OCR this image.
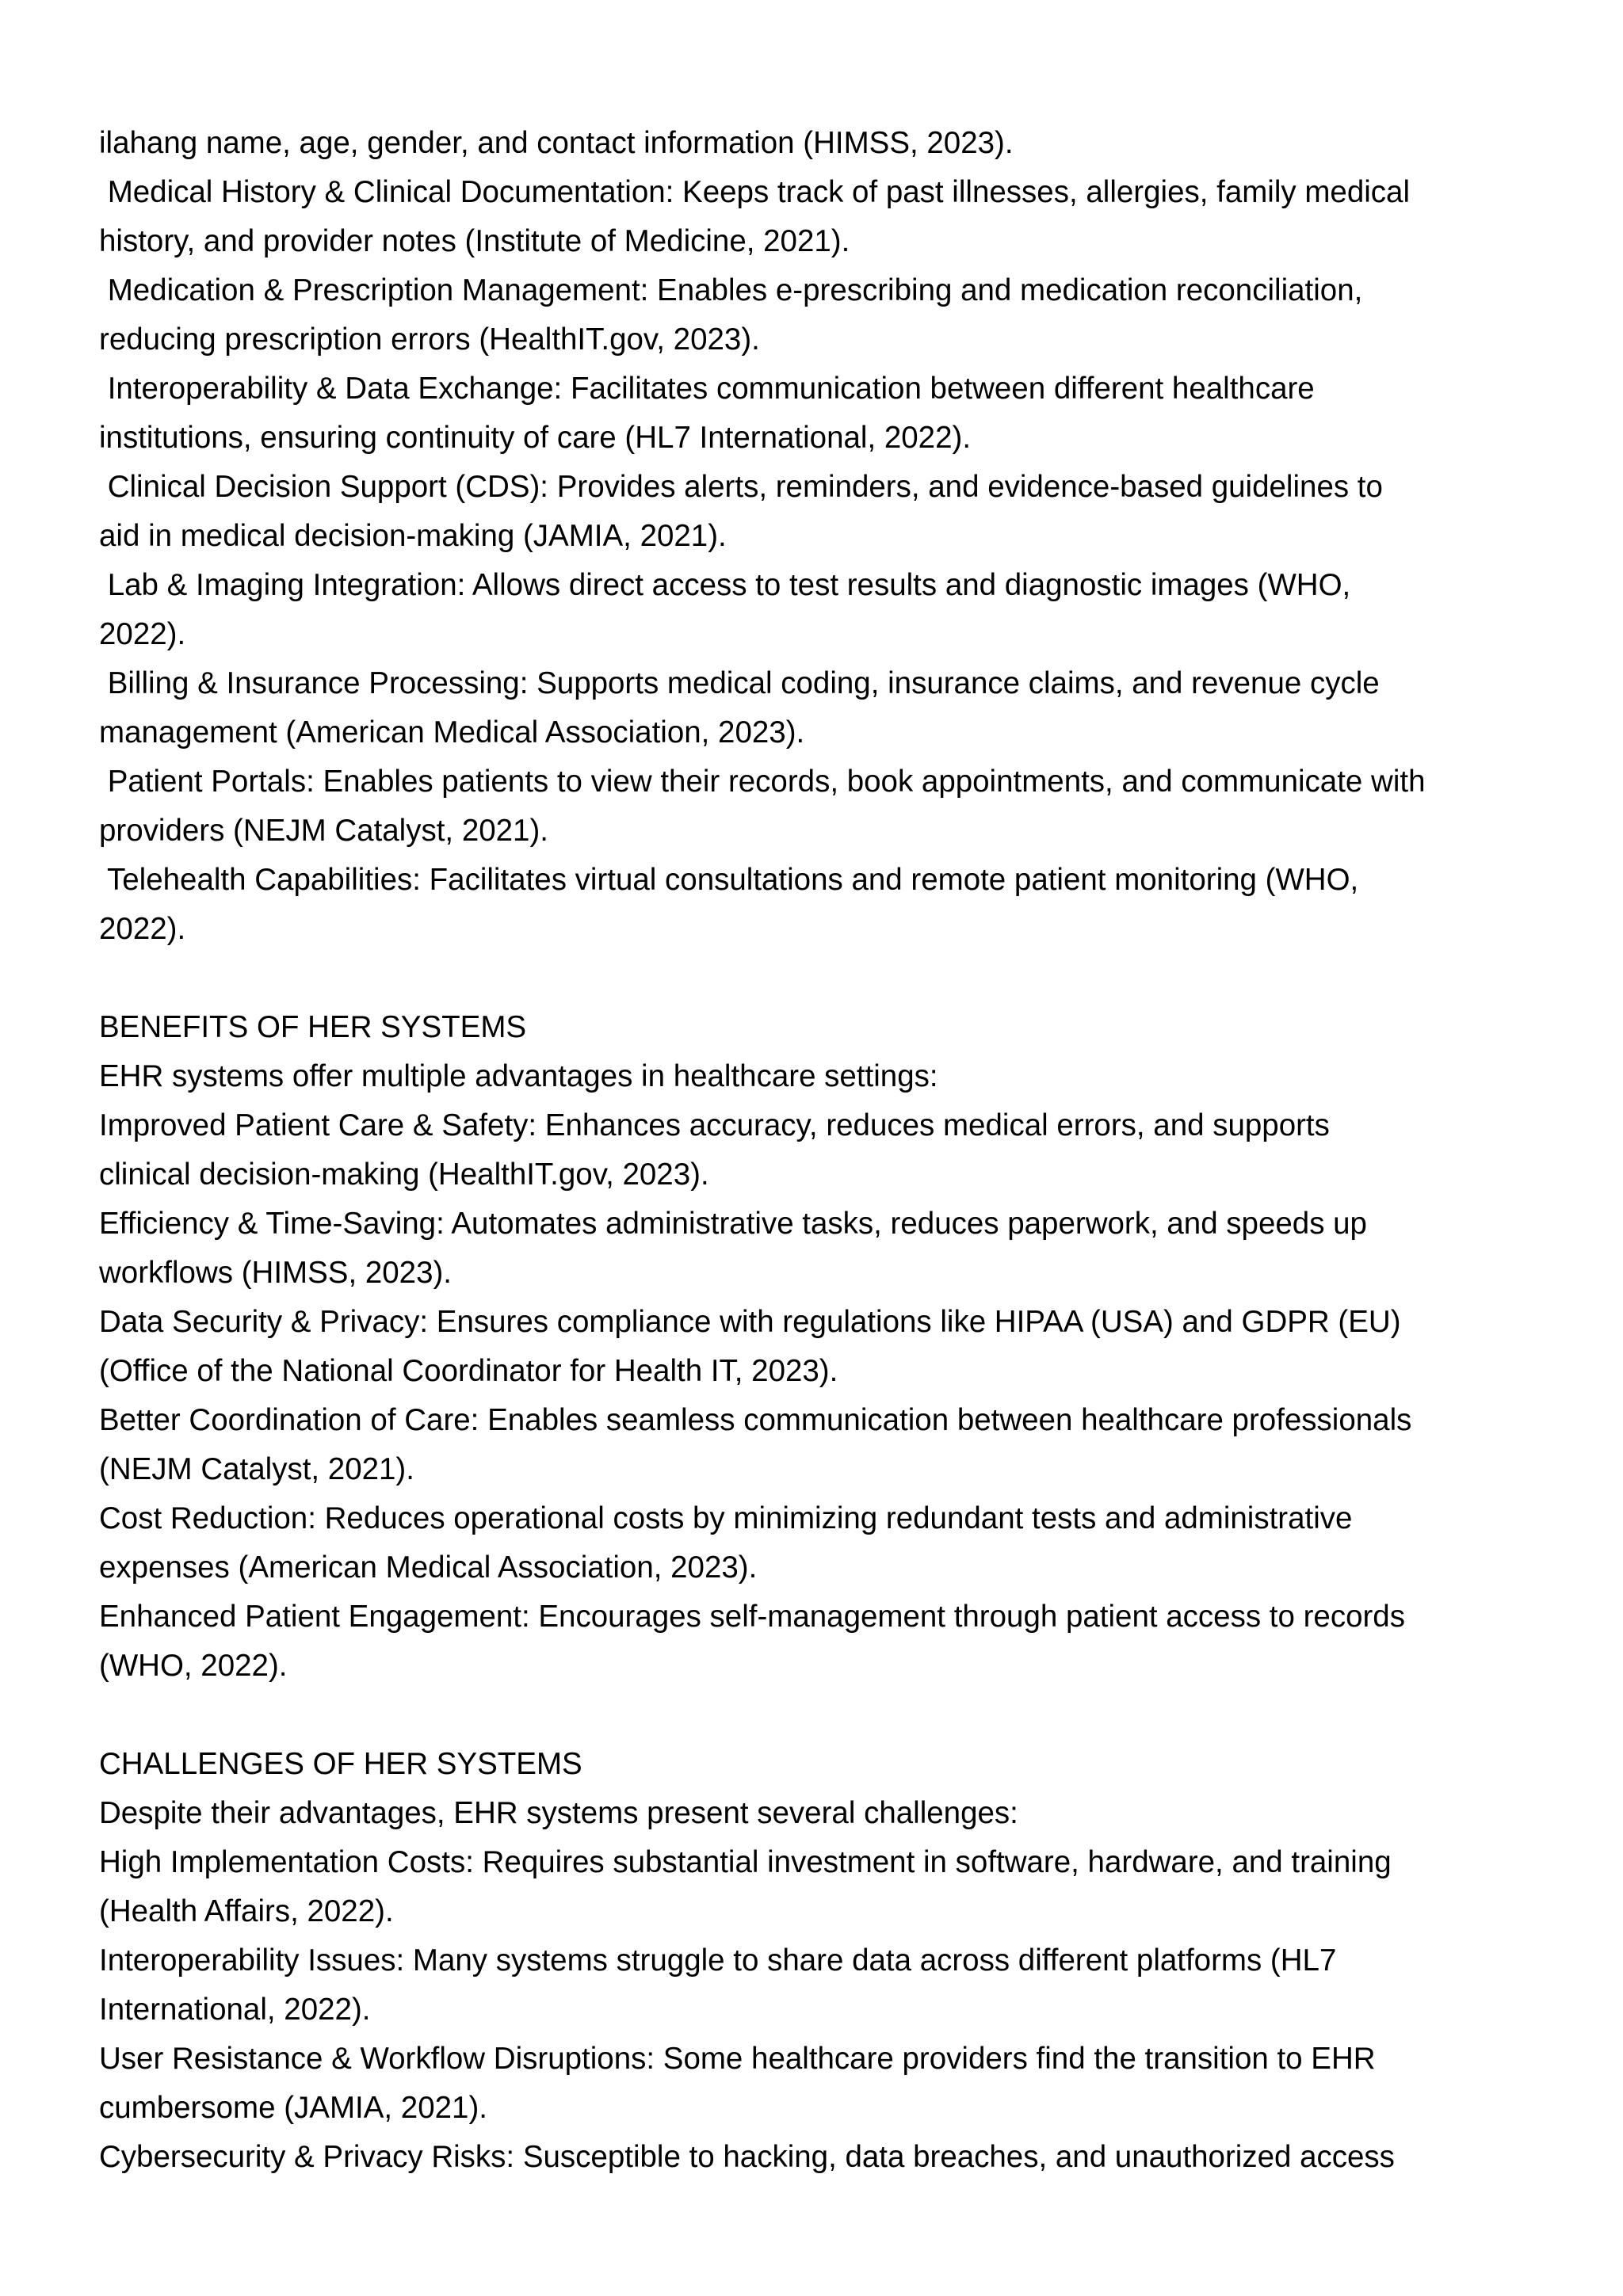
ilahang name, age, gender, and contact information (HIMSS, 2023).
Medical History & Clinical Documentation: Keeps track of past illnesses, allergies, family medical
history, and provider notes (Institute of Medicine, 2021).
Medication & Prescription Management: Enables e-prescribing and medication reconciliation,
reducing prescription errors (HealthIT.gov, 2023).
Interoperability & Data Exchange: Facilitates communication between different healthcare
institutions, ensuring continuity of care (HL7 International, 2022).
Clinical Decision Support (CDS): Provides alerts, reminders, and evidence-based guidelines to
aid in medical decision-making (JAMIA, 2021).
Lab & Imaging Integration: Allows direct access to test results and diagnostic images (WHO,
2022).
Billing & Insurance Processing: Supports medical coding, insurance claims, and revenue cycle
management (American Medical Association, 2023).
Patient Portals: Enables patients to view their records, book appointments, and communicate with
providers (NEJM Catalyst, 2021).
Telehealth Capabilities: Facilitates virtual consultations and remote patient monitoring (WHO,
2022).
BENEFITS OF HER SYSTEMS
EHR systems offer multiple advantages in healthcare settings:
Improved Patient Care & Safety: Enhances accuracy, reduces medical errors, and supports
clinical decision-making (HealthIT.gov, 2023).
Efficiency & Time-Saving: Automates administrative tasks, reduces paperwork, and speeds up
workflows (HIMSS, 2023).
Data Security & Privacy: Ensures compliance with regulations like HIPAA (USA) and GDPR (EU)
(Office of the National Coordinator for Health IT, 2023).
Better Coordination of Care: Enables seamless communication between healthcare professionals
(NEJM Catalyst, 2021).
Cost Reduction: Reduces operational costs by minimizing redundant tests and administrative
expenses (American Medical Association, 2023).
Enhanced Patient Engagement: Encourages self-management through patient access to records
(WHO, 2022).
CHALLENGES OF HER SYSTEMS
Despite their advantages, EHR systems present several challenges:
High Implementation Costs: Requires substantial investment in software, hardware, and training
(Health Affairs, 2022).
Interoperability Issues: Many systems struggle to share data across different platforms (HL7
International, 2022).
User Resistance & Workflow Disruptions: Some healthcare providers find the transition to EHR
cumbersome (JAMIA, 2021).
Cybersecurity & Privacy Risks: Susceptible to hacking, data breaches, and unauthorized access
